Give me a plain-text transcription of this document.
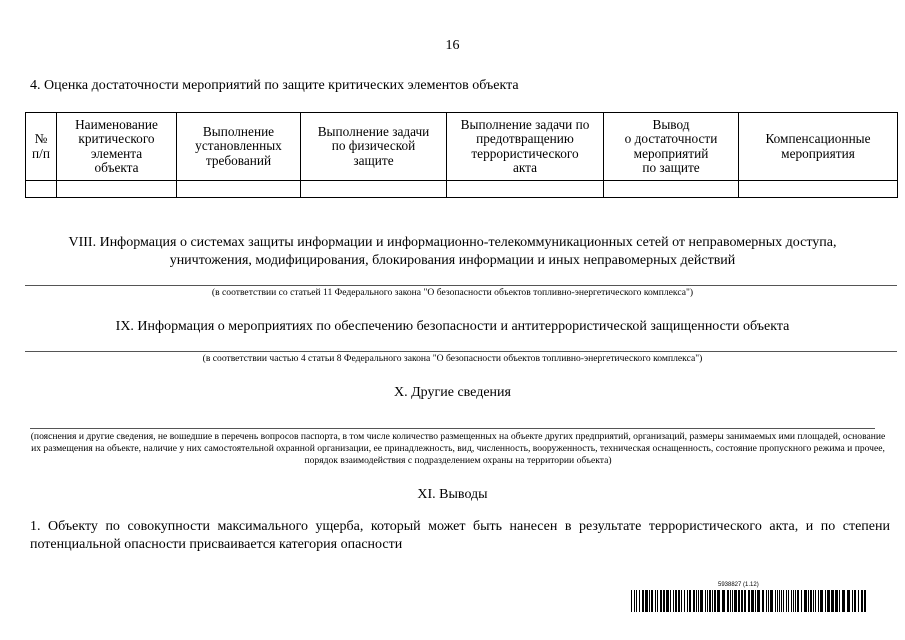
16
4. Оценка достаточности мероприятий по защите критических элементов объекта
№
п/п	Наименование
критического
элемента
объекта	Выполнение
установленных
требований	Выполнение задачи
по физической
защите	Выполнение задачи по
предотвращению
террористического
акта	Вывод
о достаточности
мероприятий
по защите	Компенсационные
мероприятия

VIII. Информация о системах защиты информации и информационно-телекоммуникационных сетей от неправомерных доступа, уничтожения, модифицирования, блокирования информации и иных неправомерных действий
(в соответствии со статьей 11 Федерального закона "О безопасности объектов топливно-энергетического комплекса")
IX. Информация о мероприятиях по обеспечению безопасности и антитеррористической защищенности объекта
(в соответствии частью 4 статьи 8 Федерального закона "О безопасности объектов топливно-энергетического комплекса")
X. Другие сведения
(пояснения и другие сведения, не вошедшие в перечень вопросов паспорта, в том числе количество размещенных на объекте других предприятий, организаций, размеры занимаемых ими площадей, основание их размещения на объекте, наличие у них самостоятельной охранной организации, ее принадлежность, вид, численность, вооруженность, техническая оснащенность, состояние пропускного режима и прочее, порядок взаимодействия с подразделением охраны на территории объекта)
XI. Выводы
1. Объекту по совокупности максимального ущерба, который может быть нанесен в результате террористического акта, и по степени потенциальной опасности присваивается категория опасности
5938827 (1.12)
